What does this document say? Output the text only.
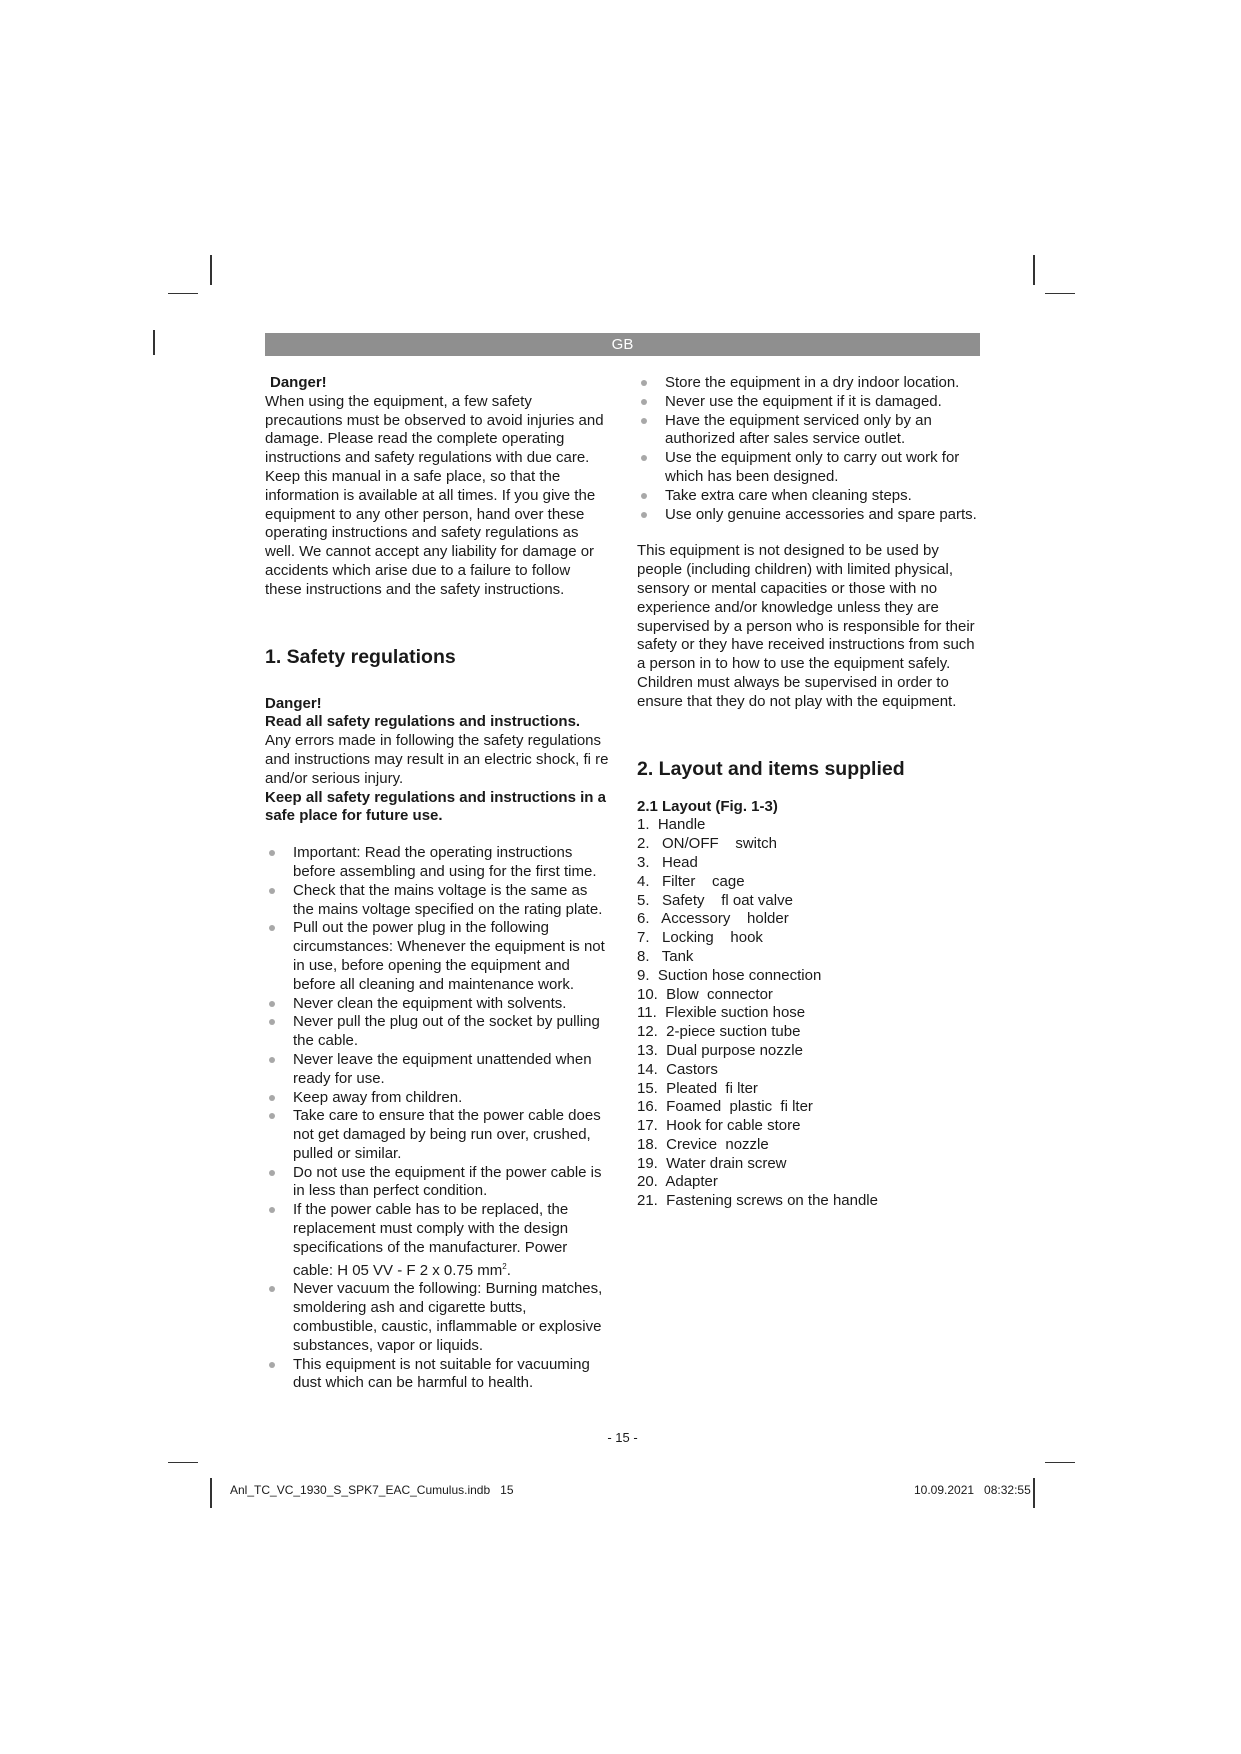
GB

Danger!

When using the equipment, a few safety precautions must be observed to avoid injuries and damage. Please read the complete operating instructions and safety regulations with due care. Keep this manual in a safe place, so that the information is available at all times. If you give the equipment to any other person, hand over these operating instructions and safety regulations as well. We cannot accept any liability for damage or accidents which arise due to a failure to follow these instructions and the safety instructions.

1. Safety regulations

Danger!

Read all safety regulations and instructions.

Any errors made in following the safety regulations and instructions may result in an electric shock, fi re and/or serious injury.

Keep all safety regulations and instructions in a safe place for future use.

Important: Read the operating instructions before assembling and using for the first time.
Check that the mains voltage is the same as the mains voltage specified on the rating plate.
Pull out the power plug in the following circumstances: Whenever the equipment is not in use, before opening the equipment and before all cleaning and maintenance work.
Never clean the equipment with solvents.
Never pull the plug out of the socket by pulling the cable.
Never leave the equipment unattended when ready for use.
Keep away from children.
Take care to ensure that the power cable does not get damaged by being run over, crushed, pulled or similar.
Do not use the equipment if the power cable is in less than perfect condition.
If the power cable has to be replaced, the replacement must comply with the design specifications of the manufacturer. Power cable: H 05 VV - F 2 x 0.75 $mm^2$.
Never vacuum the following: Burning matches, smoldering ash and cigarette butts, combustible, caustic, inflammable or explosive substances, vapor or liquids.
This equipment is not suitable for vacuuming dust which can be harmful to health.
Store the equipment in a dry indoor location.
Never use the equipment if it is damaged.
Have the equipment serviced only by an authorized after sales service outlet.
Use the equipment only to carry out work for which has been designed.
Take extra care when cleaning steps.
Use only genuine accessories and spare parts.

This equipment is not designed to be used by people (including children) with limited physical, sensory or mental capacities or those with no experience and/or knowledge unless they are supervised by a person who is responsible for their safety or they have received instructions from such a person in to how to use the equipment safely. Children must always be supervised in order to ensure that they do not play with the equipment.

2. Layout and items supplied

2.1 Layout (Fig. 1-3)

1.  Handle
2.   ON/OFF    switch
3.   Head
4.   Filter    cage
5.   Safety    fl oat valve
6.   Accessory    holder
7.   Locking    hook
8.   Tank
9.  Suction hose connection
10.  Blow  connector
11.  Flexible suction hose
12.  2-piece suction tube
13.  Dual purpose nozzle
14.  Castors
15.  Pleated  fi lter
16.  Foamed  plastic  fi lter
17.  Hook for cable store
18.  Crevice  nozzle
19.  Water drain screw
20.  Adapter
21.  Fastening screws on the handle
- 15 -
Anl_TC_VC_1930_S_SPK7_EAC_Cumulus.indb   15	10.09.2021   08:32:55
